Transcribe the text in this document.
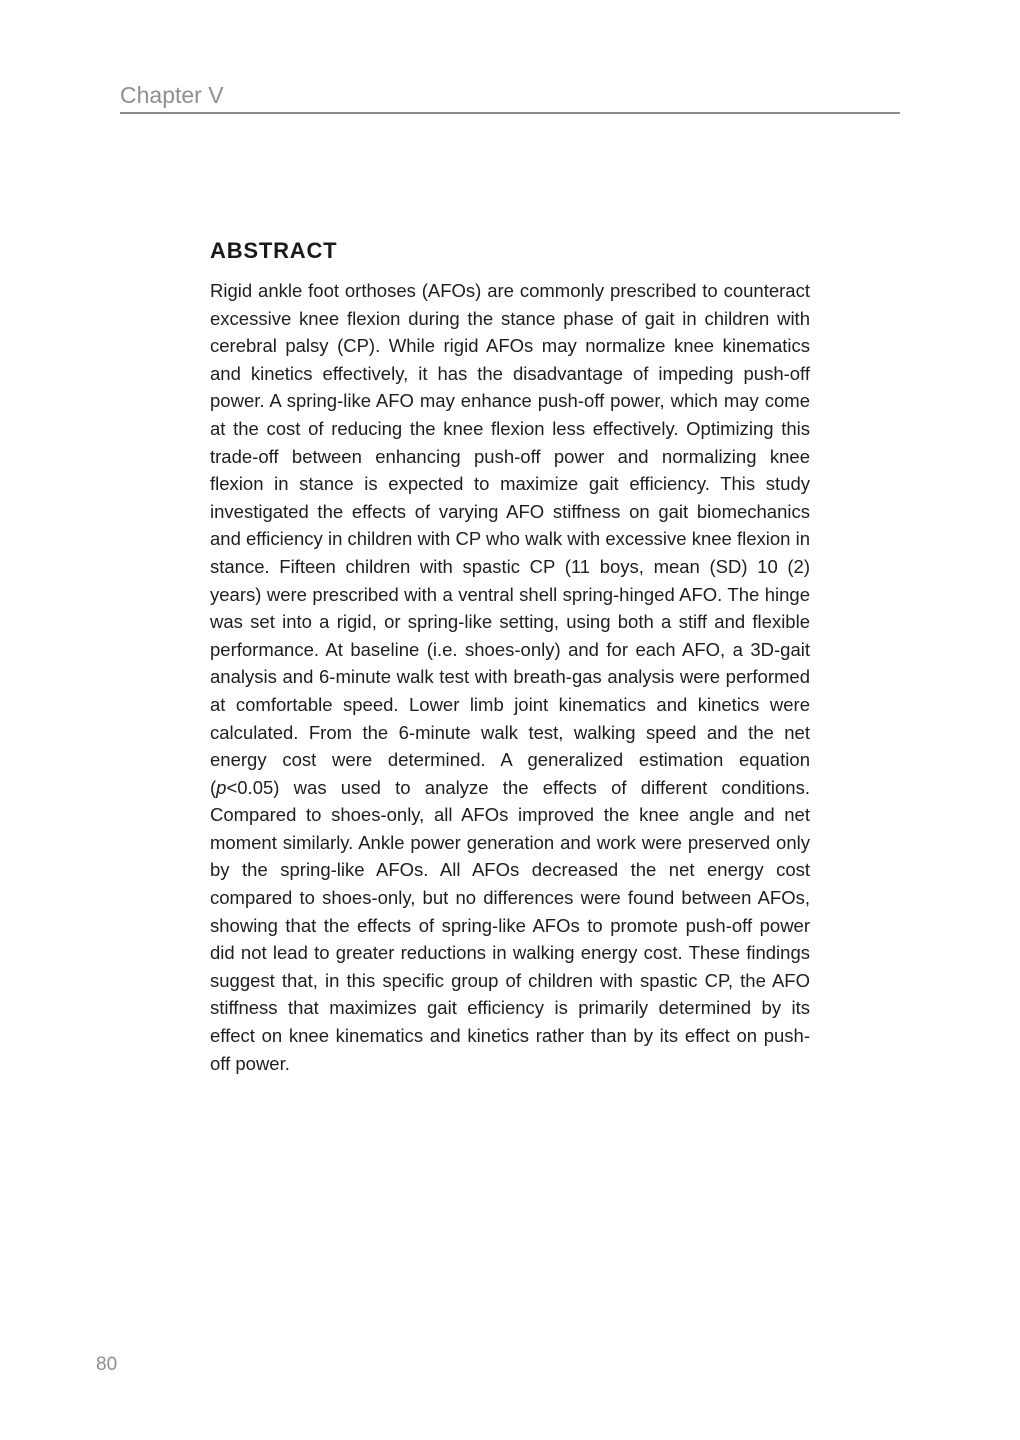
Chapter V
ABSTRACT

Rigid ankle foot orthoses (AFOs) are commonly prescribed to counteract excessive knee flexion during the stance phase of gait in children with cerebral palsy (CP). While rigid AFOs may normalize knee kinematics and kinetics effectively, it has the disadvantage of impeding push-off power. A spring-like AFO may enhance push-off power, which may come at the cost of reducing the knee flexion less effectively. Optimizing this trade-off between enhancing push-off power and normalizing knee flexion in stance is expected to maximize gait efficiency. This study investigated the effects of varying AFO stiffness on gait biomechanics and efficiency in children with CP who walk with excessive knee flexion in stance. Fifteen children with spastic CP (11 boys, mean (SD) 10 (2) years) were prescribed with a ventral shell spring-hinged AFO. The hinge was set into a rigid, or spring-like setting, using both a stiff and flexible performance. At baseline (i.e. shoes-only) and for each AFO, a 3D-gait analysis and 6-minute walk test with breath-gas analysis were performed at comfortable speed. Lower limb joint kinematics and kinetics were calculated. From the 6-minute walk test, walking speed and the net energy cost were determined. A generalized estimation equation (p<0.05) was used to analyze the effects of different conditions. Compared to shoes-only, all AFOs improved the knee angle and net moment similarly. Ankle power generation and work were preserved only by the spring-like AFOs. All AFOs decreased the net energy cost compared to shoes-only, but no differences were found between AFOs, showing that the effects of spring-like AFOs to promote push-off power did not lead to greater reductions in walking energy cost. These findings suggest that, in this specific group of children with spastic CP, the AFO stiffness that maximizes gait efficiency is primarily determined by its effect on knee kinematics and kinetics rather than by its effect on push-off power.

80
